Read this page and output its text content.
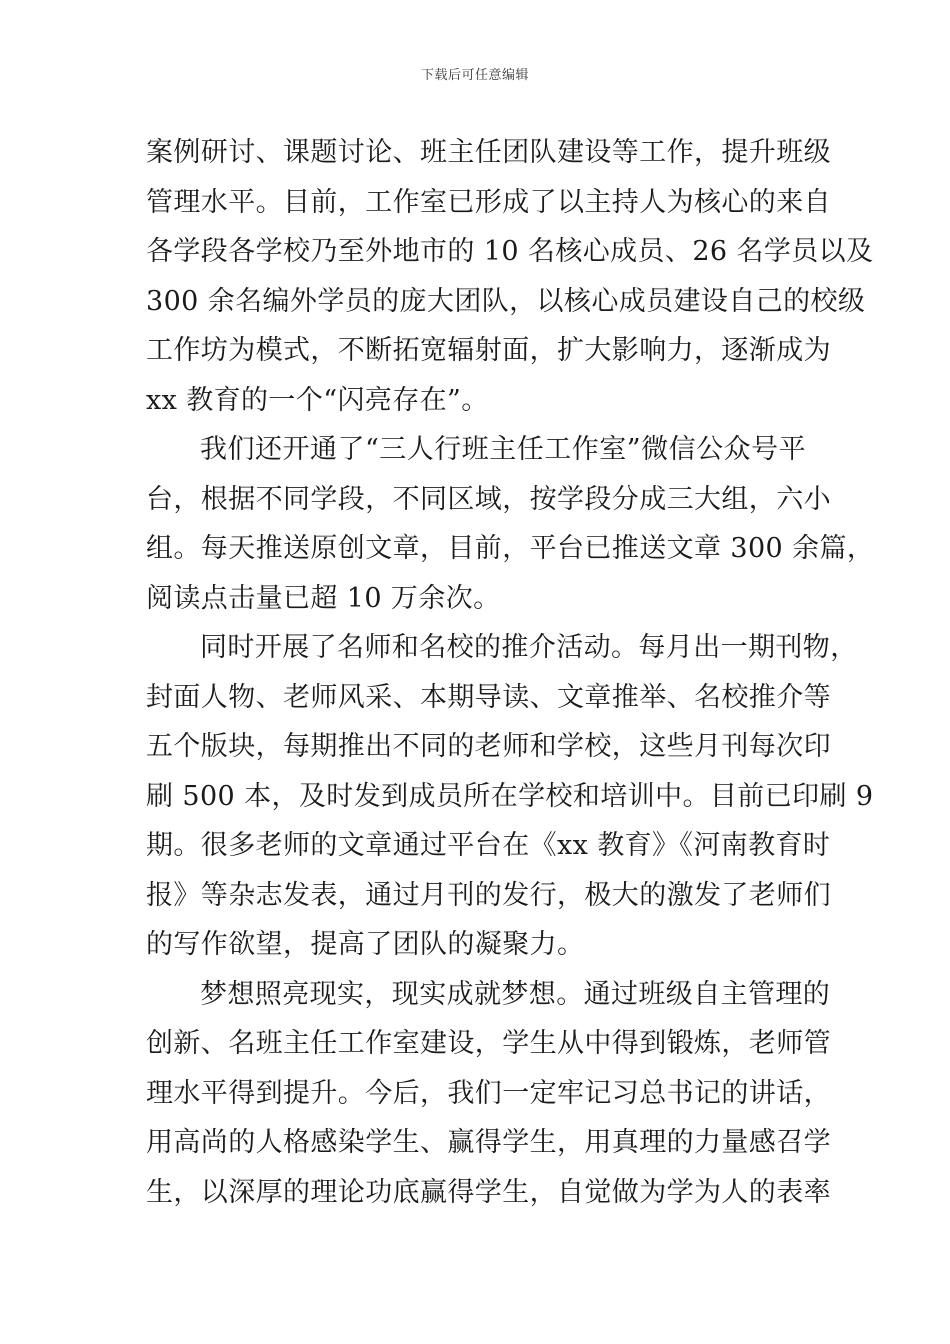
下载后可任意编辑

案例研讨、课题讨论、班主任团队建设等工作，提升班级
管理水平。目前，工作室已形成了以主持人为核心的来自
各学段各学校乃至外地市的 10 名核心成员、26 名学员以及
300 余名编外学员的庞大团队，以核心成员建设自己的校级
工作坊为模式，不断拓宽辐射面，扩大影响力，逐渐成为
xx 教育的一个“闪亮存在”。

我们还开通了“三人行班主任工作室”微信公众号平
台，根据不同学段，不同区域，按学段分成三大组，六小
组。每天推送原创文章，目前，平台已推送文章 300 余篇，
阅读点击量已超 10 万余次。

同时开展了名师和名校的推介活动。每月出一期刊物，
封面人物、老师风采、本期导读、文章推举、名校推介等
五个版块，每期推出不同的老师和学校，这些月刊每次印
刷 500 本，及时发到成员所在学校和培训中。目前已印刷 9
期。很多老师的文章通过平台在《xx 教育》《河南教育时
报》等杂志发表，通过月刊的发行，极大的激发了老师们
的写作欲望，提高了团队的凝聚力。

梦想照亮现实，现实成就梦想。通过班级自主管理的
创新、名班主任工作室建设，学生从中得到锻炼，老师管
理水平得到提升。今后，我们一定牢记习总书记的讲话，
用高尚的人格感染学生、赢得学生，用真理的力量感召学
生，以深厚的理论功底赢得学生，自觉做为学为人的表率
